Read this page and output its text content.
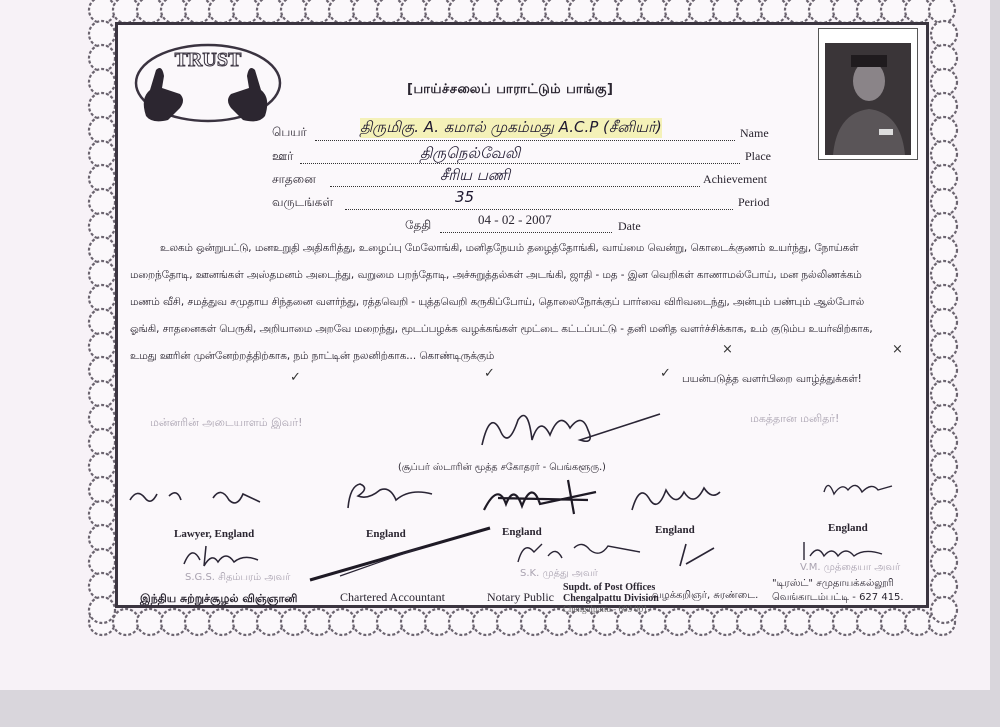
TRUST
[பாய்ச்சலைப் பாராட்டும் பாங்கு]
பெயர்	திருமிகு. A. கமால் முகம்மது A.C.P (சீனியர்)	Name
ஊர்	திருநெல்வேலி	Place
சாதனை	சீரிய பணி	Achievement
வருடங்கள்	35	Period
தேதி	04 - 02 - 2007	Date
உலகம் ஒன்றுபட்டு, மனஉறுதி அதிகரித்து, உழைப்பு மேலோங்கி, மனிதநேயம் தழைத்தோங்கி, வாய்மை வென்று, கொடைக்குணம் உயர்ந்து, நோய்கள்
மறைந்தோடி, ஊனங்கள் அஸ்தமனம் அடைந்து, வறுமை பறந்தோடி, அச்சுறுத்தல்கள் அடங்கி, ஜாதி - மத - இன வெறிகள் காணாமல்போய், மன நல்லிணக்கம்
மணம் வீசி, சமத்துவ சமுதாய சிந்தனை வளர்ந்து, ரத்தவெறி - யுத்தவெறி கருகிப்போய், தொலைநோக்குப் பார்வை விரிவடைந்து, அன்பும் பண்பும் ஆல்போல்
ஓங்கி, சாதனைகள் பெருகி, அறியாமை அறவே மறைந்து, மூடப்பழக்க வழக்கங்கள் மூட்டை கட்டப்பட்டு - தனி மனித வளர்ச்சிக்காக, உம் குடும்ப உயர்விற்காக,
உமது ஊரின் முன்னேற்றத்திற்காக, நம் நாட்டின் நலனிற்காக... கொண்டிருக்கும்	×	×
✓	✓	✓ பயன்படுத்த வளர்பிறை வாழ்த்துக்கள்!
மன்னரின் அடையாளம் இவர்!	மகத்தான மனிதர்!
(சூப்பர் ஸ்டாரின் மூத்த சகோதரர் - பெங்களூரு.)
Lawyer, England	England	England	England	England
S.G.S. சிதம்பரம் அவர்	S.K. முத்து அவர்
V.M. முத்தையா அவர்
இந்திய சுற்றுச்சூழல் விஞ்ஞானி	Chartered Accountant	Notary Public
Supdt. of Post Offices
Chengalpattu Division
Chengalpattu - 603 001.
வழக்கறிஞர், சுரண்டை.
"டிரஸ்ட்" சமுதாயக்கல்லூரி
வெங்காடம்பட்டி - 627 415.
